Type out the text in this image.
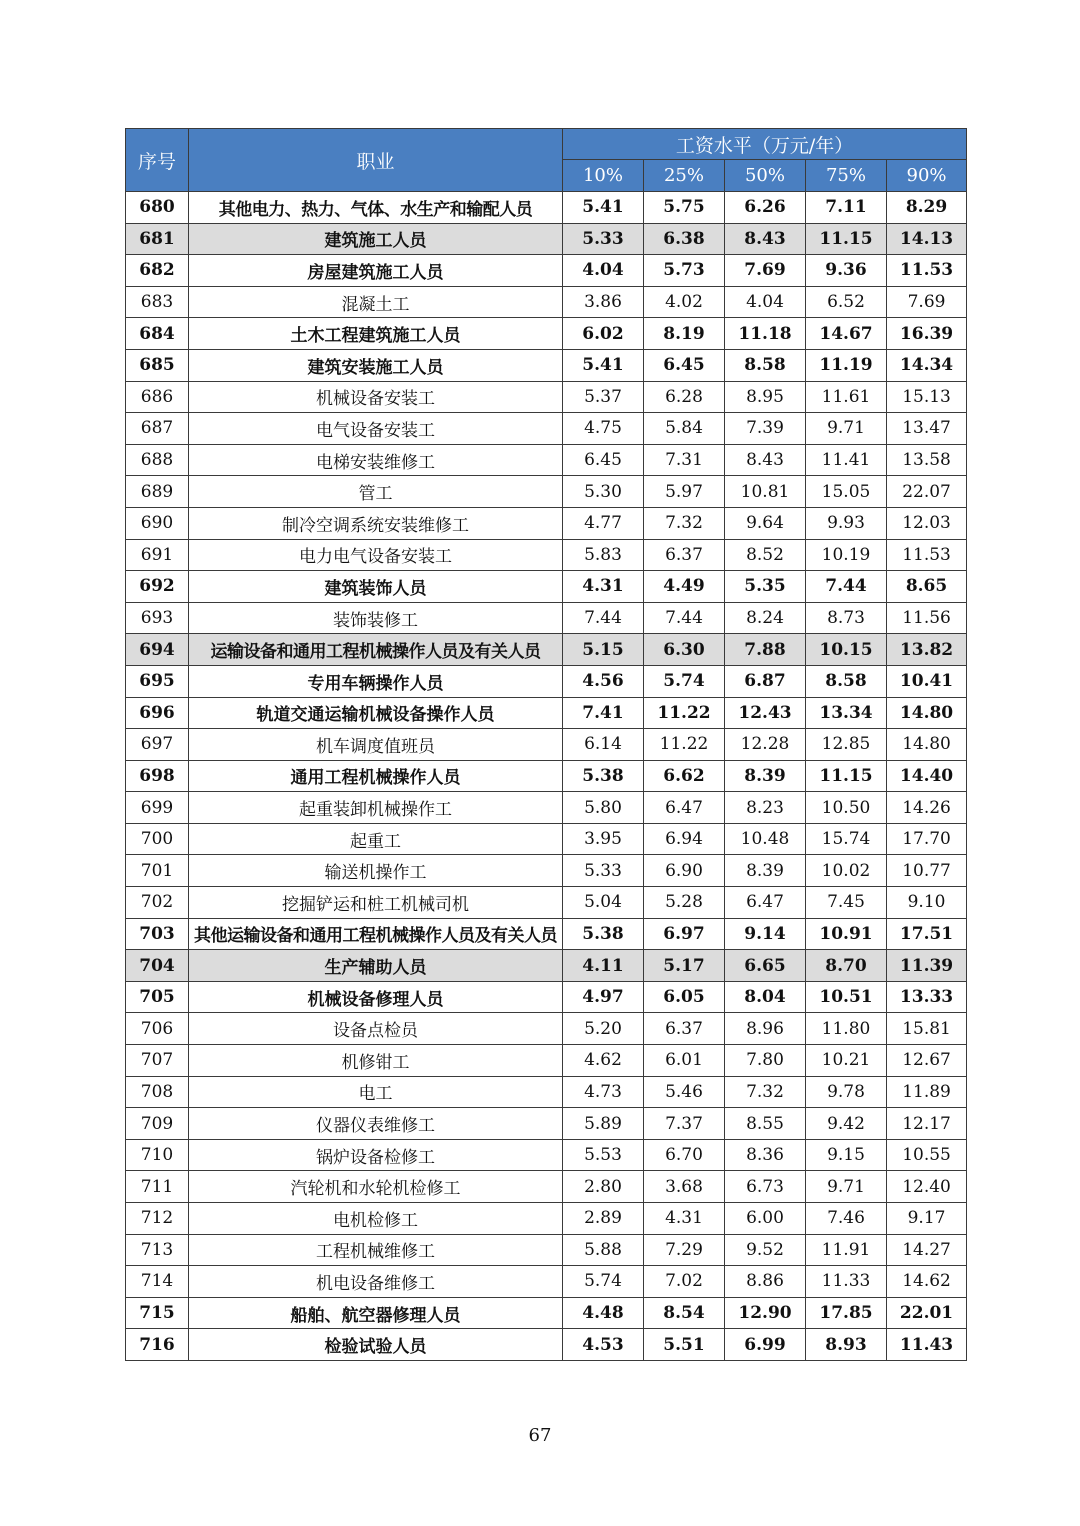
序号	职业	工资水平（万元/年）				
		10%	25%	50%	75%	90%
680	其他电力、热力、气体、水生产和输配人员	5.41	5.75	6.26	7.11	8.29
681	建筑施工人员	5.33	6.38	8.43	11.15	14.13
682	房屋建筑施工人员	4.04	5.73	7.69	9.36	11.53
683	混凝土工	3.86	4.02	4.04	6.52	7.69
684	土木工程建筑施工人员	6.02	8.19	11.18	14.67	16.39
685	建筑安装施工人员	5.41	6.45	8.58	11.19	14.34
686	机械设备安装工	5.37	6.28	8.95	11.61	15.13
687	电气设备安装工	4.75	5.84	7.39	9.71	13.47
688	电梯安装维修工	6.45	7.31	8.43	11.41	13.58
689	管工	5.30	5.97	10.81	15.05	22.07
690	制冷空调系统安装维修工	4.77	7.32	9.64	9.93	12.03
691	电力电气设备安装工	5.83	6.37	8.52	10.19	11.53
692	建筑装饰人员	4.31	4.49	5.35	7.44	8.65
693	装饰装修工	7.44	7.44	8.24	8.73	11.56
694	运输设备和通用工程机械操作人员及有关人员	5.15	6.30	7.88	10.15	13.82
695	专用车辆操作人员	4.56	5.74	6.87	8.58	10.41
696	轨道交通运输机械设备操作人员	7.41	11.22	12.43	13.34	14.80
697	机车调度值班员	6.14	11.22	12.28	12.85	14.80
698	通用工程机械操作人员	5.38	6.62	8.39	11.15	14.40
699	起重装卸机械操作工	5.80	6.47	8.23	10.50	14.26
700	起重工	3.95	6.94	10.48	15.74	17.70
701	输送机操作工	5.33	6.90	8.39	10.02	10.77
702	挖掘铲运和桩工机械司机	5.04	5.28	6.47	7.45	9.10
703	其他运输设备和通用工程机械操作人员及有关人员	5.38	6.97	9.14	10.91	17.51
704	生产辅助人员	4.11	5.17	6.65	8.70	11.39
705	机械设备修理人员	4.97	6.05	8.04	10.51	13.33
706	设备点检员	5.20	6.37	8.96	11.80	15.81
707	机修钳工	4.62	6.01	7.80	10.21	12.67
708	电工	4.73	5.46	7.32	9.78	11.89
709	仪器仪表维修工	5.89	7.37	8.55	9.42	12.17
710	锅炉设备检修工	5.53	6.70	8.36	9.15	10.55
711	汽轮机和水轮机检修工	2.80	3.68	6.73	9.71	12.40
712	电机检修工	2.89	4.31	6.00	7.46	9.17
713	工程机械维修工	5.88	7.29	9.52	11.91	14.27
714	机电设备维修工	5.74	7.02	8.86	11.33	14.62
715	船舶、航空器修理人员	4.48	8.54	12.90	17.85	22.01
716	检验试验人员	4.53	5.51	6.99	8.93	11.43
67
